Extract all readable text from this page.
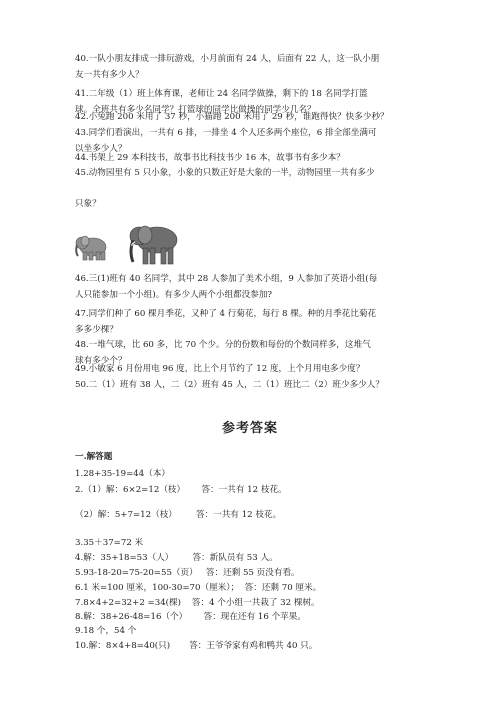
40.一队小朋友排成一排玩游戏，小月前面有 24 人，后面有 22 人，这一队小朋
友一共有多少人？
41.二年级（1）班上体育课，老师让 24 名同学做操，剩下的 18 名同学打篮
球。全班共有多少名同学？打篮球的同学比做操的同学少几名？
42.小兔跑 200 米用了 37 秒，小猫跑 200 米用了 29 秒，谁跑得快？快多少秒？
43.同学们看演出，一共有 6 排，一排坐 4 个人还多两个座位，6 排全部坐满可
以坐多少人？
44.书架上 29 本科技书，故事书比科技书少 16 本，故事书有多少本？
45.动物园里有 5 只小象，小象的只数正好是大象的一半，动物园里一共有多少

只象？
46.三(1)班有 40 名同学，其中 28 人参加了美术小组，9 人参加了英语小组(每
人只能参加一个小组)。有多少人两个小组都没参加?
47.同学们种了 60 棵月季花，又种了 4 行菊花，每行 8 棵。种的月季花比菊花
多多少棵？
48.一堆气球，比 60 多，比 70 个少。分的份数和每份的个数同样多，这堆气
球有多少个？
49.小敏家 6 月份用电 96 度，比上个月节约了 12 度，上个月用电多少度？
50.二（1）班有 38 人，二（2）班有 45 人，二（1）班比二（2）班少多少人？
参考答案
一.解答题
1.28+35-19=44（本）
2.（1）解：6×2=12（枝）      答：一共有 12 枝花。
（2）解：5+7=12（枝）       答：一共有 12 枝花。
3.35＋37=72 米
4.解：35+18=53（人）       答：新队员有 53 人。
5.93-18-20=75-20=55（页）   答：还剩 55 页没有看。
6.1 米=100 厘米，100-30=70（厘米）；  答：还剩 70 厘米。
7.8×4+2=32+2 =34(棵)    答：4 个小组一共栽了 32 棵树。
8.解：38+26-48=16（个）      答：现在还有 16 个苹果。
9.18 个，54 个
10.解：8×4+8=40(只)       答：王爷爷家有鸡和鸭共 40 只。
